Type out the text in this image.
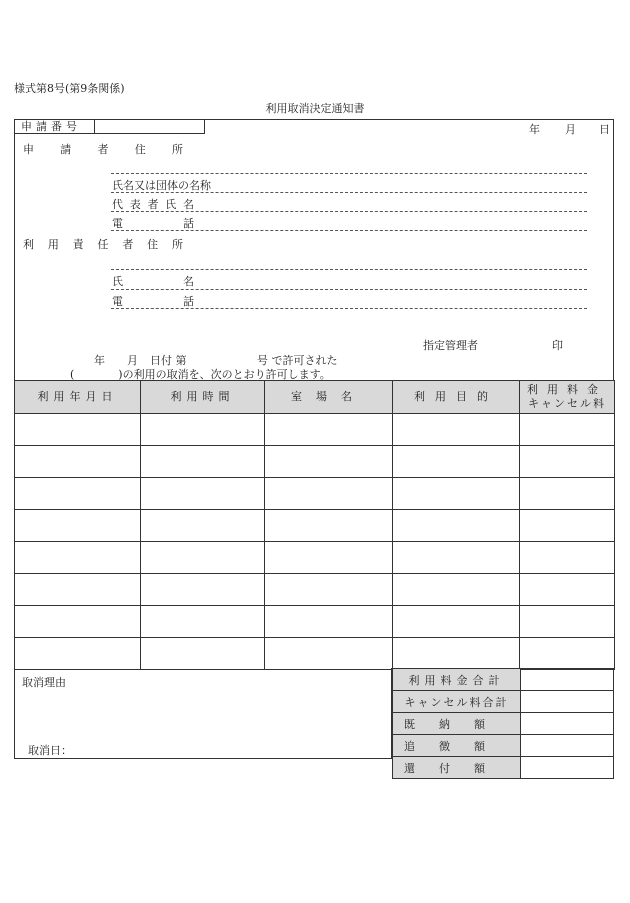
様式第8号(第9条関係)
利用取消決定通知書
申請番号	年 月 日
申 請 者 住 所
氏名又は団体の名称
代 表 者 氏 名
電	話
利 用 責 任 者 住 所
氏	名
電	話
指定管理者	印
年 月 日付 第	号 で許可された
(　　　　)の利用の取消を、次のとおり許可します。
利用年月日	利用時間	室場名	利用目的	利用料金
キャンセル料

取消理由
取消日：
利用料金合計	
キャンセル料合計	
既納額	
追徴額	
還付額	
